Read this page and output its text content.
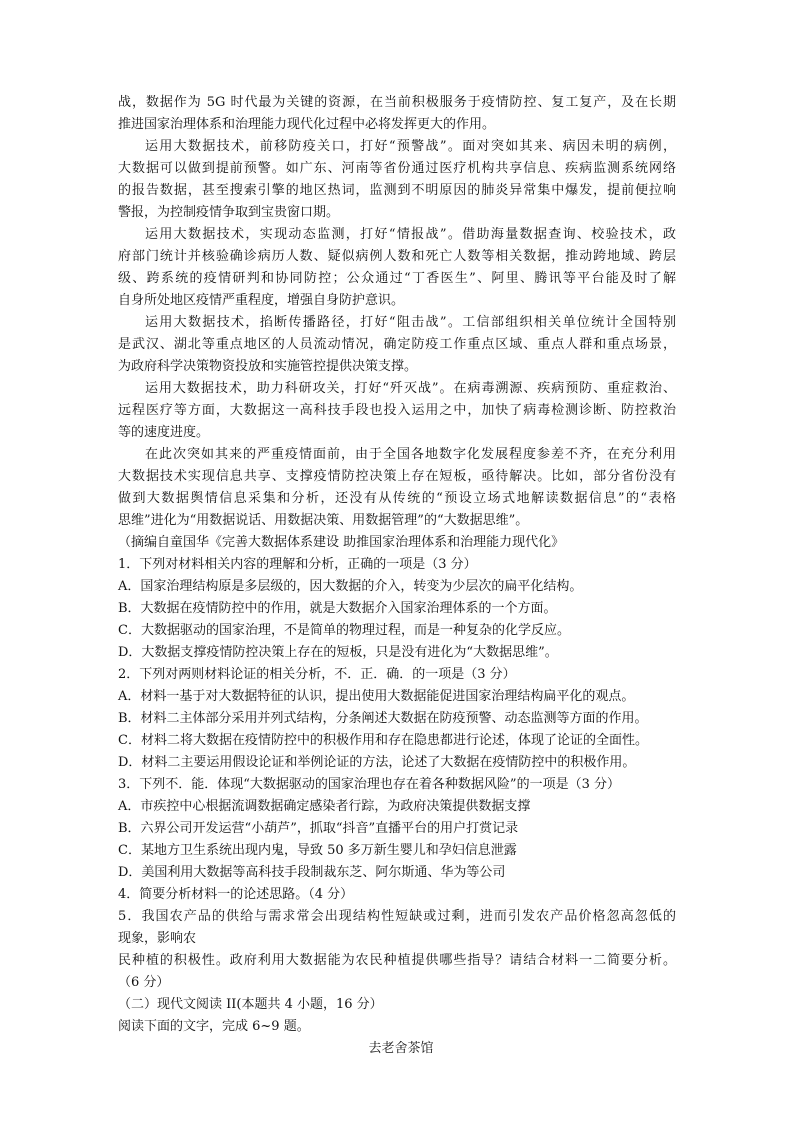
战，数据作为 5G 时代最为关键的资源，在当前积极服务于疫情防控、复工复产，及在长期
推进国家治理体系和治理能力现代化过程中必将发挥更大的作用。
运用大数据技术，前移防疫关口，打好“预警战”。面对突如其来、病因未明的病例，
大数据可以做到提前预警。如广东、河南等省份通过医疗机构共享信息、疾病监测系统网络
的报告数据，甚至搜索引擎的地区热词，监测到不明原因的肺炎异常集中爆发，提前便拉响
警报，为控制疫情争取到宝贵窗口期。
运用大数据技术，实现动态监测，打好“情报战”。借助海量数据查询、校验技术，政
府部门统计并核验确诊病历人数、疑似病例人数和死亡人数等相关数据，推动跨地域、跨层
级、跨系统的疫情研判和协同防控；公众通过“丁香医生”、阿里、腾讯等平台能及时了解
自身所处地区疫情严重程度，增强自身防护意识。
运用大数据技术，掐断传播路径，打好“阻击战”。工信部组织相关单位统计全国特别
是武汉、湖北等重点地区的人员流动情况，确定防疫工作重点区域、重点人群和重点场景，
为政府科学决策物资投放和实施管控提供决策支撑。
运用大数据技术，助力科研攻关，打好“歼灭战”。在病毒溯源、疾病预防、重症救治、
远程医疗等方面，大数据这一高科技手段也投入运用之中，加快了病毒检测诊断、防控救治
等的速度进度。
在此次突如其来的严重疫情面前，由于全国各地数字化发展程度参差不齐，在充分利用
大数据技术实现信息共享、支撑疫情防控决策上存在短板，亟待解决。比如，部分省份没有
做到大数据舆情信息采集和分析，还没有从传统的“预设立场式地解读数据信息”的“表格
思维”进化为“用数据说话、用数据决策、用数据管理”的“大数据思维”。
（摘编自童国华《完善大数据体系建设 助推国家治理体系和治理能力现代化》
1．下列对材料相关内容的理解和分析，正确的一项是（3 分）
A．国家治理结构原是多层级的，因大数据的介入，转变为少层次的扁平化结构。
B．大数据在疫情防控中的作用，就是大数据介入国家治理体系的一个方面。
C．大数据驱动的国家治理，不是简单的物理过程，而是一种复杂的化学反应。
D．大数据支撑疫情防控决策上存在的短板，只是没有进化为“大数据思维”。
2．下列对两则材料论证的相关分析，不．正．确．的一项是（3 分）
A．材料一基于对大数据特征的认识，提出使用大数据能促进国家治理结构扁平化的观点。
B．材料二主体部分采用并列式结构，分条阐述大数据在防疫预警、动态监测等方面的作用。
C．材料二将大数据在疫情防控中的积极作用和存在隐患都进行论述，体现了论证的全面性。
D．材料二主要运用假设论证和举例论证的方法，论述了大数据在疫情防控中的积极作用。
3．下列不．能．体现“大数据驱动的国家治理也存在着各种数据风险”的一项是（3 分）
A．市疾控中心根据流调数据确定感染者行踪，为政府决策提供数据支撑
B．六界公司开发运营“小葫芦”，抓取“抖音”直播平台的用户打赏记录
C．某地方卫生系统出现内鬼，导致 50 多万新生婴儿和孕妇信息泄露
D．美国利用大数据等高科技手段制裁东芝、阿尔斯通、华为等公司
4．简要分析材料一的论述思路。（4 分）
5．我国农产品的供给与需求常会出现结构性短缺或过剩，进而引发农产品价格忽高忽低的
现象，影响农
民种植的积极性。政府利用大数据能为农民种植提供哪些指导？请结合材料一二简要分析。
（6 分）
（二）现代文阅读 II(本题共 4 小题，16 分）
阅读下面的文字，完成 6~9 题。
去老舍茶馆
